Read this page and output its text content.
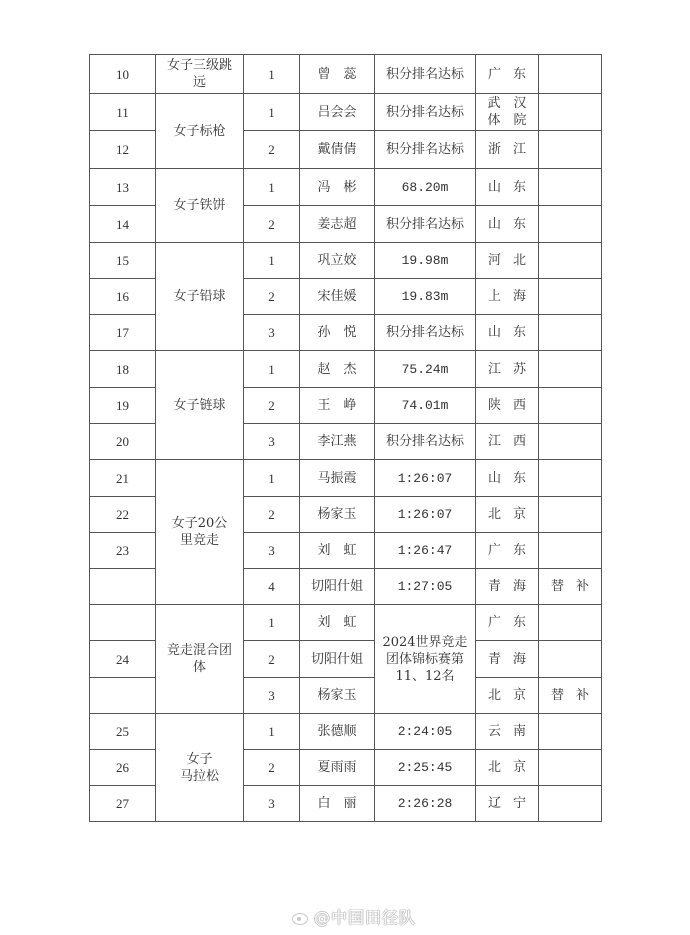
10	女子三级跳
远	1	曾　蕊	积分排名达标	广 东	

11	女子标枪	1	吕会会	积分排名达标	武 汉
体 院	

12		2	戴倩倩	积分排名达标	浙 江	

13	女子铁饼	1	冯　彬	68.20m	山 东	

14		2	姜志超	积分排名达标	山 东	

15	女子铅球	1	巩立姣	19.98m	河 北	

16		2	宋佳媛	19.83m	上 海	

17		3	孙　悦	积分排名达标	山 东	

18	女子链球	1	赵　杰	75.24m	江 苏	

19		2	王　峥	74.01m	陕 西	

20		3	李江燕	积分排名达标	江 西	

21	女子20公
里竞走	1	马振霞	1:26:07	山 东	

22		2	杨家玉	1:26:07	北 京	

23		3	刘　虹	1:26:47	广 东	

		4	切阳什姐	1:27:05	青 海	替 补

	竞走混合团
体	1	刘　虹	2024世界竞走
团体锦标赛第
11、12名	广 东	

24		2	切阳什姐		青 海	

		3	杨家玉		北 京	替 补

25	女子
马拉松	1	张德顺	2:24:05	云 南	

26		2	夏雨雨	2:25:45	北 京	

27		3	白　丽	2:26:28	辽 宁	

@中国田径队
